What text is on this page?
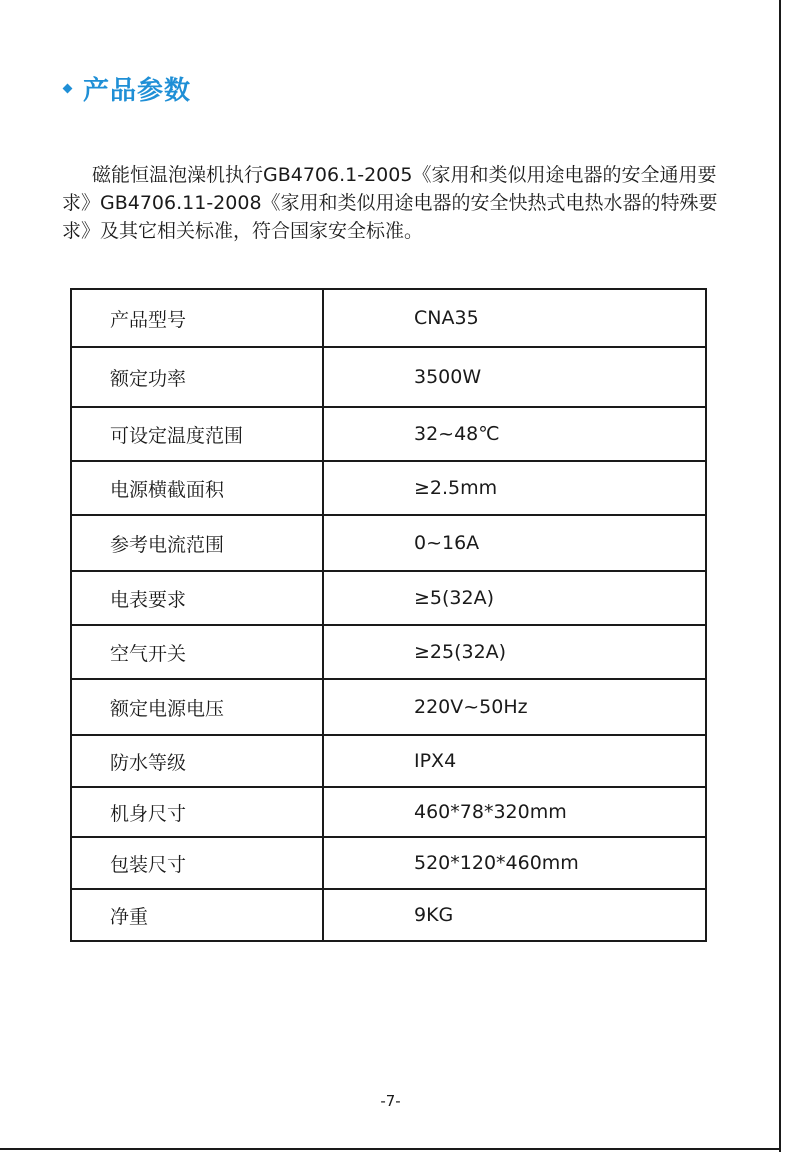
产品参数

磁能恒温泡澡机执行GB4706.1-2005《家用和类似用途电器的安全通用要求》GB4706.11-2008《家用和类似用途电器的安全快热式电热水器的特殊要求》及其它相关标准，符合国家安全标准。

产品型号	CNA35
额定功率	3500W
可设定温度范围	32~48℃
电源横截面积	≥2.5mm
参考电流范围	0~16A
电表要求	≥5(32A)
空气开关	≥25(32A)
额定电源电压	220V~50Hz
防水等级	IPX4
机身尺寸	460*78*320mm
包装尺寸	520*120*460mm
净重	9KG
-7-
